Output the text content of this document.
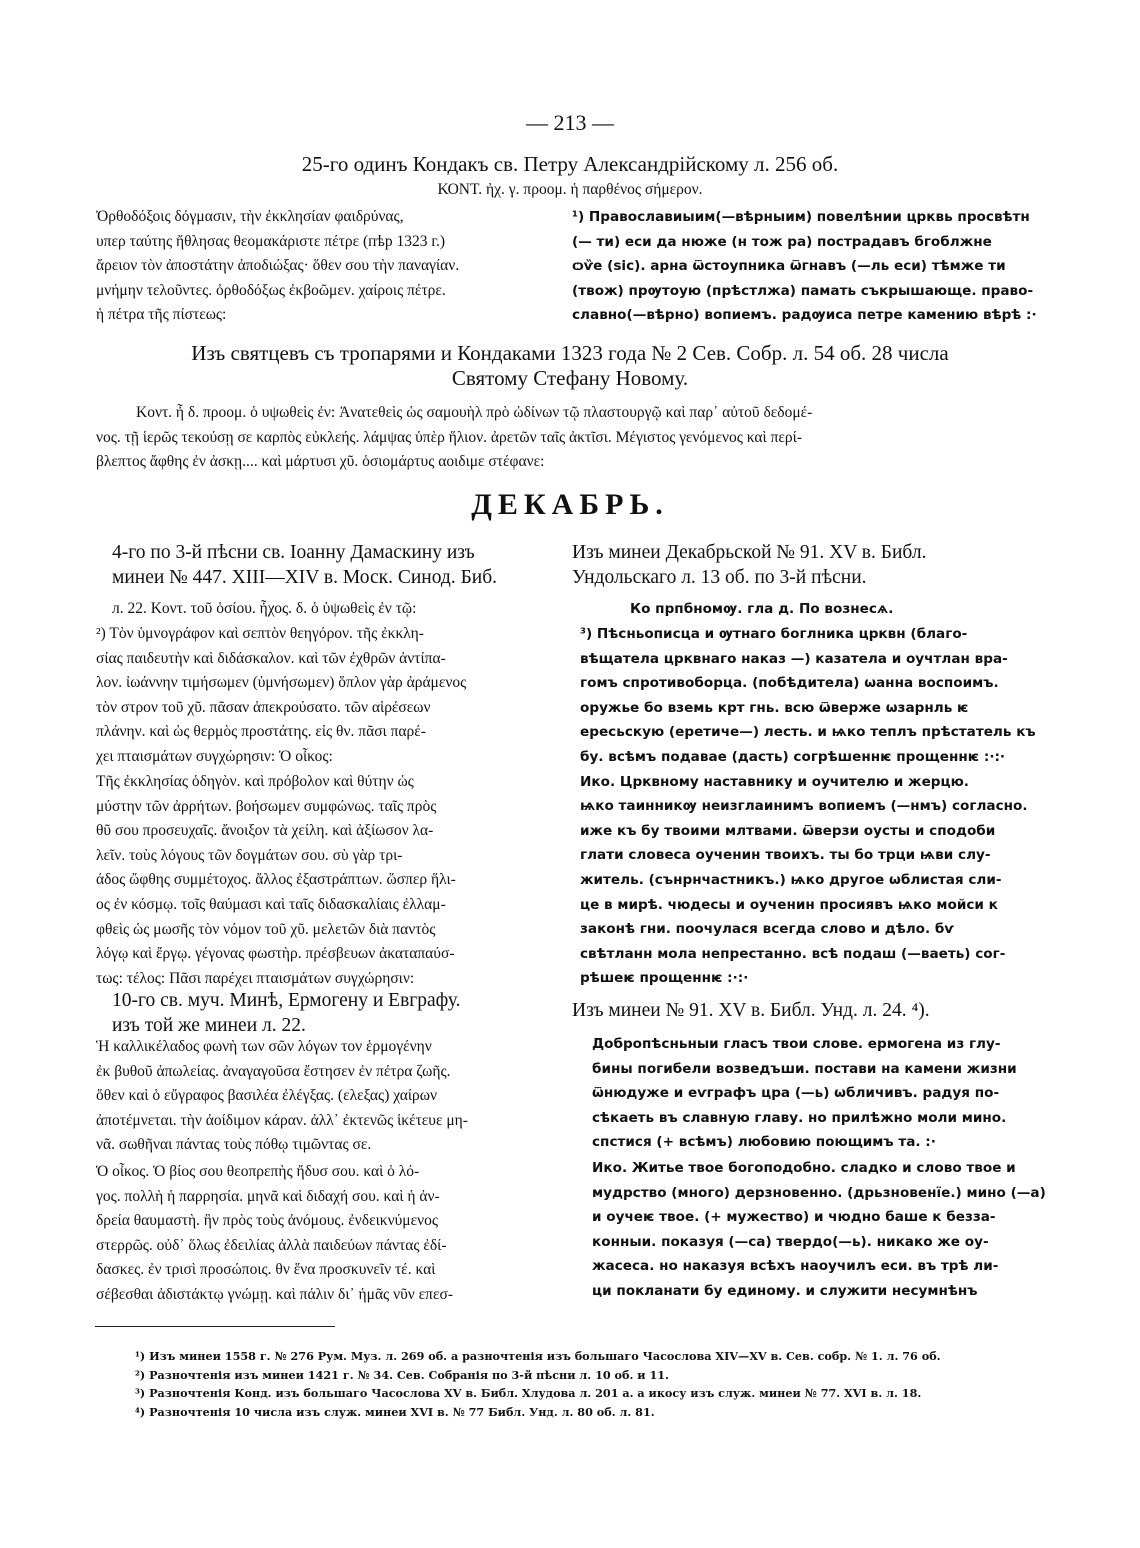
— 213 —
25-го одинъ Кондакъ св. Петру Александрійскому л. 256 об.
ΚΟΝΤ. ἠχ. γ. προομ. ἡ παρθένος σήμερον.

Ὀρθοδόξοις δόγμασιν, τὴν ἐκκλησίαν φαιδρύνας,

υπερ ταύτης ἤθλησας θεομακάριστε πέτρε (пѣр 1323 г.)

ἄρειον τὸν ἀποστάτην ἀποδιώξας· ὅθεν σου τὴν παναγίαν.

μνήμην τελοῦντες. ὀρθοδόξως ἐκβοῶμεν. χαίροις πέτρε.

ἡ πέτρα τῆς πίστεως:

¹) Православиыим(—вѣрныим) повелѣнии црквь просвѣтн

(— ти) еси да нюже (н тож ра) пострадавъ бгоблжне

ѻѷе (sic). арна ѿстоупника ѿгнавъ (—ль еси) тѣмже ти

(твож) прѹтоую (прѣстлжа) памать съкрышающе. право-

славно(—вѣрно) вопиемъ. радѹиса петре камению вѣрѣ :·

Изъ святцевъ съ тропарями и Кондаками 1323 года № 2 Сев. Собр. л. 54 об. 28 числа
Святому Стефану Новому.

Κοντ. ἦ δ. προομ. ὁ υψωθεὶς ἐν: Ἀνατεθεὶς ὡς σαμουὴλ πρὸ ὠδίνων τῷ πλαστουργῷ καὶ παρ᾽ αὐτοῦ δεδομέ-

νος. τῇ ἱερῶς τεκούσῃ σε καρπὸς εὐκλεής. λάμψας ὑπὲρ ἥλιον. ἀρετῶν ταῖς ἀκτῖσι. Μέγιστος γενόμενος καὶ περί-

βλεπτος ἄφθης ἐν ἀσκῃ.... καὶ μάρτυσι χῦ. ὁσιομάρτυς αοιδιμε στέφανε:

ДЕКАБРЬ.

4-го по 3-й пѣсни св. Іоанну Дамаскину изъ

минеи № 447. XIII—XIV в. Моск. Синод. Биб.

л. 22. Κοντ. τοῦ ὁσίου. ἦχος. δ. ὁ ὑψωθεὶς ἐν τῷ:

²) Τὸν ὑμνογράφον καὶ σεπτὸν θεηγόρον. τῆς ἐκκλη-

σίας παιδευτὴν καὶ διδάσκαλον. καὶ τῶν ἐχθρῶν ἀντίπα-

λον. ἰωάννην τιμήσωμεν (ὑμνήσωμεν) ὅπλον γὰρ ἀράμενος

τὸν στρον τοῦ χῦ. πᾶσαν ἀπεκρούσατο. τῶν αἱρέσεων

πλάνην. καὶ ὡς θερμὸς προστάτης. εἰς θν. πᾶσι παρέ-

χει πταισμάτων συγχώρησιν: Ὁ οἶκος:

Τῆς ἐκκλησίας ὁδηγὸν. καὶ πρόβολον καὶ θύτην ὡς

μύστην τῶν ἀρρήτων. βοήσωμεν συμφώνως. ταῖς πρὸς

θῦ σου προσευχαῖς. ἄνοιξον τὰ χείλη. καὶ ἀξίωσον λα-

λεῖν. τοὺς λόγους τῶν δογμάτων σου. σὺ γὰρ τρι-

άδος ὤφθης συμμέτοχος. ἄλλος ἐξαστράπτων. ὥσπερ ἥλι-

ος ἐν κόσμῳ. τοῖς θαύμασι καὶ ταῖς διδασκαλίαις ἐλλαμ-

φθεὶς ὡς μωσῆς τὸν νόμον τοῦ χῦ. μελετῶν διὰ παντὸς

λόγῳ καὶ ἔργῳ. γέγονας φωστὴρ. πρέσβευων ἀκαταπαύσ-

τως: τέλος: Πᾶσι παρέχει πταισμάτων συγχώρησιν:

10-го св. муч. Минѣ, Ермогену и Евграфу.

изъ той же минеи л. 22.

Ἡ καλλικέλαδος φωνὴ των σῶν λόγων τον ἑρμογένην

ἐκ βυθοῦ ἀπωλείας. ἀναγαγοῦσα ἔστησεν ἐν πέτρα ζωῆς.

ὅθεν καὶ ὁ εὔγραφος βασιλέα ἐλέγξας. (ελεξας) χαίρων

ἀποτέμνεται. τὴν ἀοίδιμον κάραν. ἀλλ᾽ ἐκτενῶς ἱκέτευε μη-

νᾶ. σωθῆναι πάντας τοὺς πόθῳ τιμῶντας σε.

Ὁ οἶκος. Ὁ βίος σου θεοπρεπὴς ἤδυσ σου. καὶ ὁ λό-

γος. πολλὴ ἡ παρρησία. μηνᾶ καὶ διδαχή σου. καὶ ἡ ἀν-

δρεία θαυμαστὴ. ἣν πρὸς τοὺς ἀνόμους. ἐνδεικνύμενος

στερρῶς. οὐδ᾽ ὅλως ἐδειλίας ἀλλὰ παιδεύων πάντας ἐδί-

δασκες. ἐν τρισὶ προσώποις. θν ἕνα προσκυνεῖν τέ. καὶ

σέβεσθαι ἀδιστάκτῳ γνώμῃ. καὶ πάλιν δι᾽ ἡμᾶς νῦν επεσ-

Изъ минеи Декабрьской № 91. XV в. Библ.

Ундольскаго л. 13 об. по 3-й пѣсни.

Ко прпбномѹ. гла д. По вознесѧ.

³) Пѣсньописца и ѹтнаго боглника црквн (благо-

вѣщатела црквнаго наказ —) казатела и оучтлан вра-

гомъ спротивоборца. (побѣдитела) ѡанна воспоимъ.

оружье бо вземь крт гнь. всю ѿверже ѡзарнль ѥ

ересьскую (еретиче—) лесть. и ѩко теплъ прѣстатель къ

бу. всѣмъ подавае (дасть) согрѣшеннѥ прощеннѥ :·:·

Ико. Црквному наставнику и оучителю и жерцю.

ѩко таинникѹ неизглаинимъ вопиемъ (—нмъ) согласно.

иже къ бу твоими млтвами. ѿверзи оусты и сподоби

глати словеса оученин твоихъ. ты бо трци ѩви слу-

житель. (сънрнчастникъ.) ѩко другое ѡблистая сли-

це в мирѣ. чюдесы и оученин просиявъ ѩко мойси к

законѣ гни. поочулася всегда слово и дѣло. бѵ

свѣтланн мола непрестанно. всѣ подаш (—ваеть) сог-

рѣшеѥ прощеннѥ :·:·

Изъ минеи № 91. XV в. Библ. Унд. л. 24. ⁴).

Добропѣсньныи гласъ твои слове. ермогена из глу-

бины погибели возведъши. постави на камени жизни

ѿнюдуже и еѵграфъ цра (—ь) ѡбличивъ. радуя по-

сѣкаеть въ славную главу. но прилѣжно моли мино.

спстися (+ всѣмъ) любовию поющимъ та. :·

Ико. Житье твое богоподобно. сладко и слово твое и

мудрство (много) дерзновенно. (дрьзновенїе.) мино (—а)

и оучеѥ твое. (+ мужество) и чюдно баше к безза-

конныи. показуя (—са) твердо(—ь). никако же оу-

жасеса. но наказуя всѣхъ наоучилъ еси. въ трѣ ли-

ци покланати бу единому. и служити несумнѣнъ

¹) Изъ минеи 1558 г. № 276 Рум. Муз. л. 269 об. а разночтенія изъ большаго Часослова XIV—XV в. Сев. собр. № 1. л. 76 об.

²) Разночтенія изъ минеи 1421 г. № 34. Сев. Собранія по 3-й пѣсни л. 10 об. и 11.

³) Разночтенія Конд. изъ большаго Часослова XV в. Библ. Хлудова л. 201 а. а икосу изъ служ. минеи № 77. XVI в. л. 18.

⁴) Разночтенія 10 числа изъ служ. минеи XVI в. № 77 Библ. Унд. л. 80 об. л. 81.
